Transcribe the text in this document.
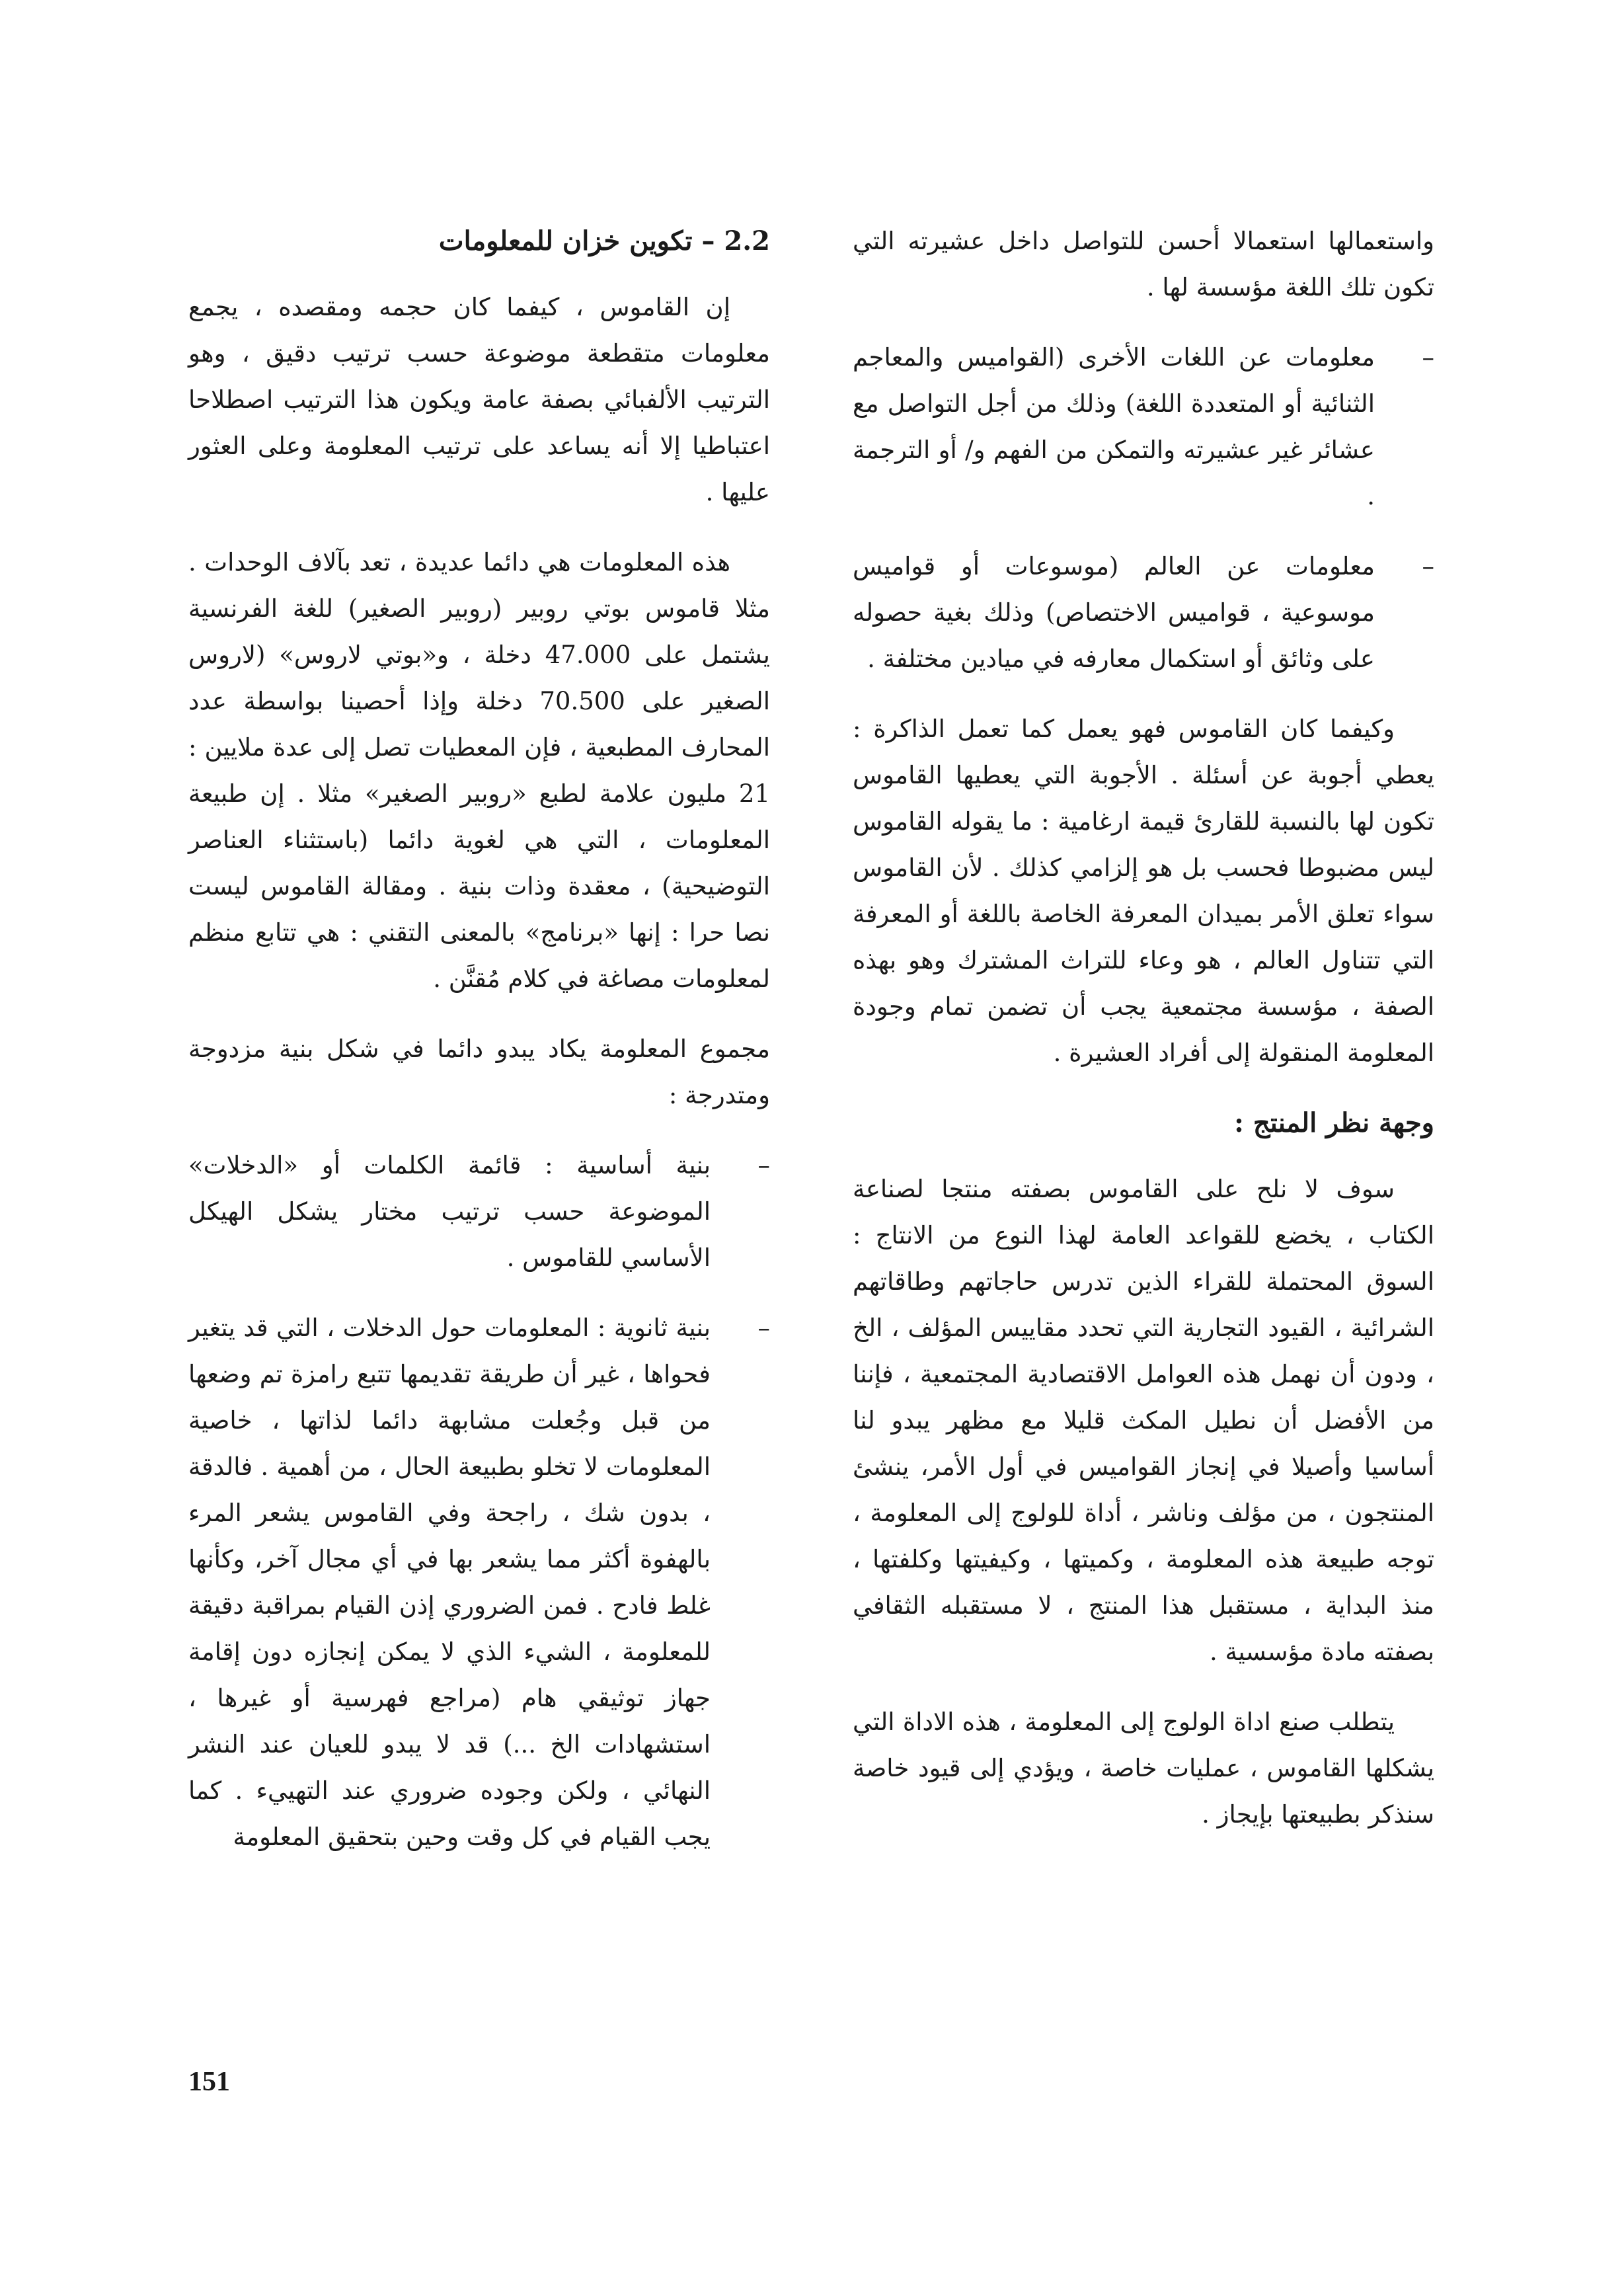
واستعمالها استعمالا أحسن للتواصل داخل عشيرته التي تكون تلك اللغة مؤسسة لها .

–
معلومات عن اللغات الأخرى (القواميس والمعاجم الثنائية أو المتعددة اللغة) وذلك من أجل التواصل مع عشائر غير عشيرته والتمكن من الفهم و/ أو الترجمة .
–
معلومات عن العالم (موسوعات أو قواميس موسوعية ، قواميس الاختصاص) وذلك بغية حصوله على وثائق أو استكمال معارفه في ميادين مختلفة .

وكيفما كان القاموس فهو يعمل كما تعمل الذاكرة : يعطي أجوبة عن أسئلة . الأجوبة التي يعطيها القاموس تكون لها بالنسبة للقارئ قيمة ارغامية : ما يقوله القاموس ليس مضبوطا فحسب بل هو إلزامي كذلك . لأن القاموس سواء تعلق الأمر بميدان المعرفة الخاصة باللغة أو المعرفة التي تتناول العالم ، هو وعاء للتراث المشترك وهو بهذه الصفة ، مؤسسة مجتمعية يجب أن تضمن تمام وجودة المعلومة المنقولة إلى أفراد العشيرة .

وجهة نظر المنتج :

سوف لا نلح على القاموس بصفته منتجا لصناعة الكتاب ، يخضع للقواعد العامة لهذا النوع من الانتاج : السوق المحتملة للقراء الذين تدرس حاجاتهم وطاقاتهم الشرائية ، القيود التجارية التي تحدد مقاييس المؤلف ، الخ ، ودون أن نهمل هذه العوامل الاقتصادية المجتمعية ، فإننا من الأفضل أن نطيل المكث قليلا مع مظهر يبدو لنا أساسيا وأصيلا في إنجاز القواميس في أول الأمر، ينشئ المنتجون ، من مؤلف وناشر ، أداة للولوج إلى المعلومة ، توجه طبيعة هذه المعلومة ، وكميتها ، وكيفيتها وكلفتها ، منذ البداية ، مستقبل هذا المنتج ، لا مستقبله الثقافي بصفته مادة مؤسسية .

يتطلب صنع اداة الولوج إلى المعلومة ، هذه الاداة التي يشكلها القاموس ، عمليات خاصة ، ويؤدي إلى قيود خاصة سنذكر بطبيعتها بإيجاز .

2.2 – تكوين خزان للمعلومات

إن القاموس ، كيفما كان حجمه ومقصده ، يجمع معلومات متقطعة موضوعة حسب ترتيب دقيق ، وهو الترتيب الألفبائي بصفة عامة ويكون هذا الترتيب اصطلاحا اعتباطيا إلا أنه يساعد على ترتيب المعلومة وعلى العثور عليها .

هذه المعلومات هي دائما عديدة ، تعد بآلاف الوحدات . مثلا قاموس بوتي روبير (روبير الصغير) للغة الفرنسية يشتمل على 47.000 دخلة ، و«بوتي لاروس» (لاروس الصغير على 70.500 دخلة وإذا أحصينا بواسطة عدد المحارف المطبعية ، فإن المعطيات تصل إلى عدة ملايين : 21 مليون علامة لطبع «روبير الصغير» مثلا . إن طبيعة المعلومات ، التي هي لغوية دائما (باستثناء العناصر التوضيحية) ، معقدة وذات بنية . ومقالة القاموس ليست نصا حرا : إنها «برنامج» بالمعنى التقني : هي تتابع منظم لمعلومات مصاغة في كلام مُقنَّن .

مجموع المعلومة يكاد يبدو دائما في شكل بنية مزدوجة ومتدرجة :

–
بنية أساسية : قائمة الكلمات أو «الدخلات» الموضوعة حسب ترتيب مختار يشكل الهيكل الأساسي للقاموس .
–
بنية ثانوية : المعلومات حول الدخلات ، التي قد يتغير فحواها ، غير أن طريقة تقديمها تتبع رامزة تم وضعها من قبل وجُعلت مشابهة دائما لذاتها ، خاصية المعلومات لا تخلو بطبيعة الحال ، من أهمية . فالدقة ، بدون شك ، راجحة وفي القاموس يشعر المرء بالهفوة أكثر مما يشعر بها في أي مجال آخر، وكأنها غلط فادح . فمن الضروري إذن القيام بمراقبة دقيقة للمعلومة ، الشيء الذي لا يمكن إنجازه دون إقامة جهاز توثيقي هام (مراجع فهرسية أو غيرها ، استشهادات الخ ...) قد لا يبدو للعيان عند النشر النهائي ، ولكن وجوده ضروري عند التهييء . كما يجب القيام في كل وقت وحين بتحقيق المعلومة
151
